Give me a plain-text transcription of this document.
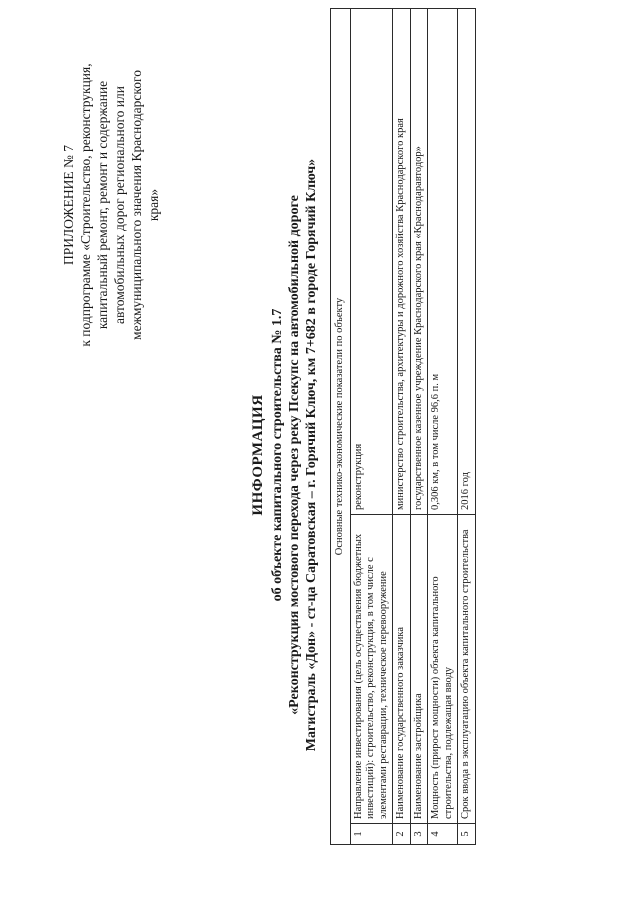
ПРИЛОЖЕНИЕ № 7 к подпрограмме «Строительство, реконструкция, капитальный ремонт, ремонт и содержание автомобильных дорог регионального или межмуниципального значения Краснодарского края»
ИНФОРМАЦИЯ об объекте капитального строительства № 1.7 «Реконструкция мостового перехода через реку Псекупс на автомобильной дороге Магистраль «Дон» - ст-ца Саратовская – г. Горячий Ключ, км 7+682 в городе Горячий Ключ» Основные технико-экономические показатели по объекту		
1	Направление инвестирования (цель осуществления бюджетных инвестиций): строительство, реконструкция, в том числе с элементами реставрации, техническое перевооружение	реконструкция
2	Наименование государственного заказчика	министерство строительства, архитектуры и дорожного хозяйства Краснодарского края
3	Наименование застройщика	государственное казенное учреждение Краснодарского края «Краснодаравтодор»
4	Мощность (прирост мощности) объекта капитального строительства, подлежащая вводу	0,306 км, в том числе 96,6 п. м
5	Срок ввода в эксплуатацию объекта капитального строительства	2016 год
